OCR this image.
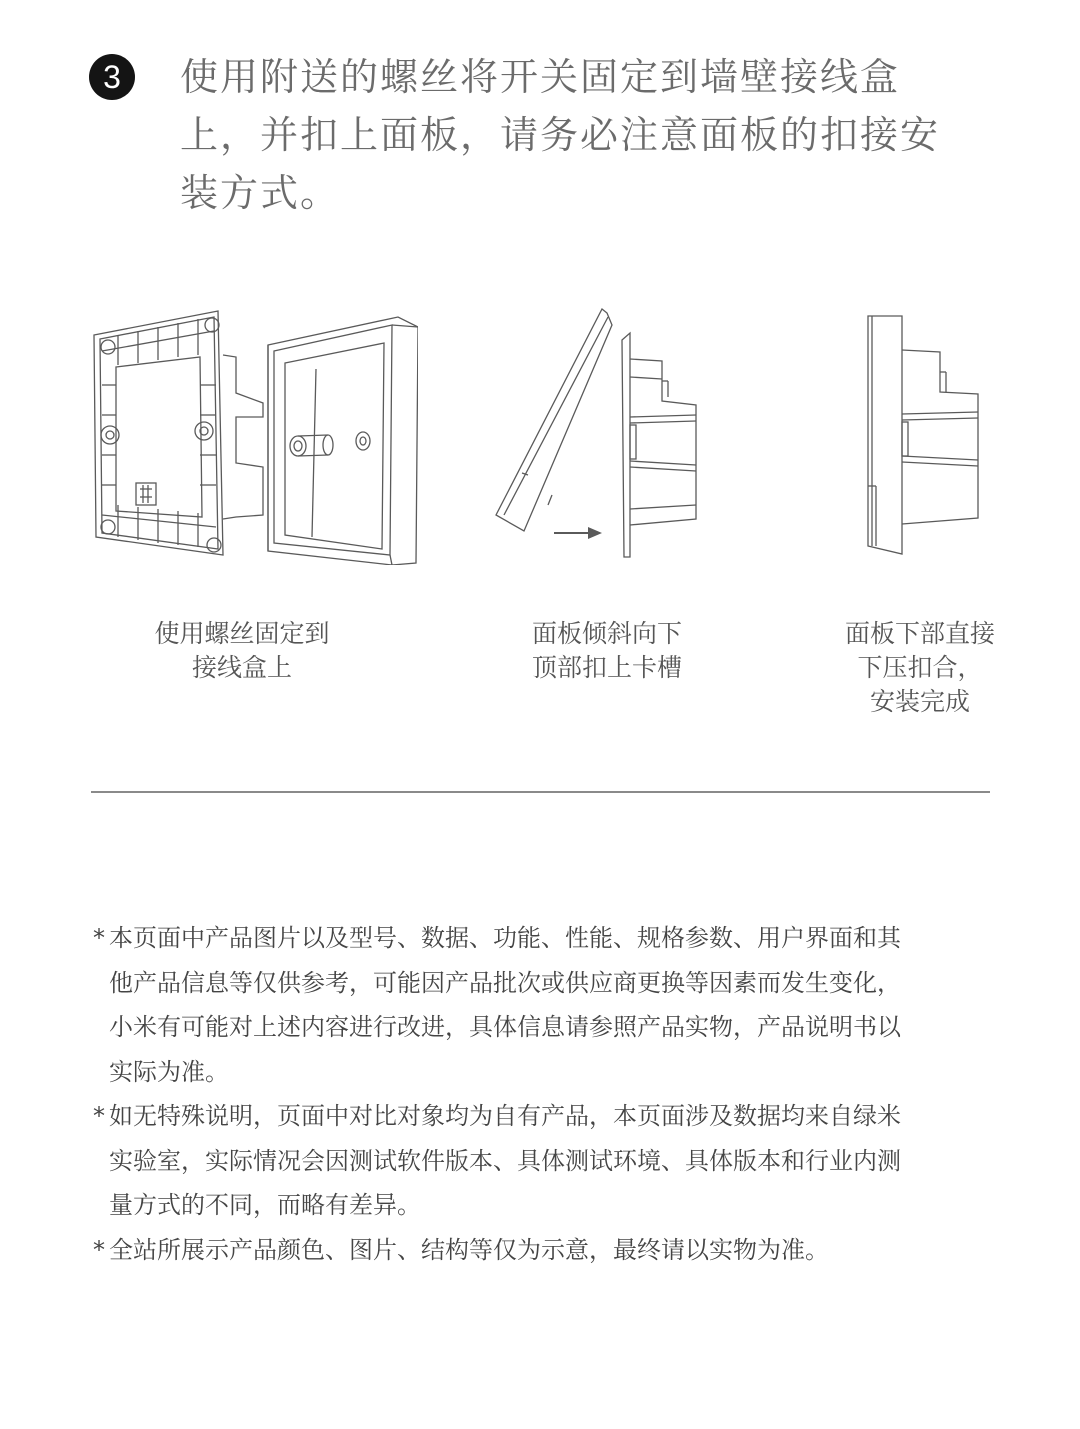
3	使用附送的螺丝将开关固定到墙壁接线盒
上，并扣上面板，请务必注意面板的扣接安
装方式。
使用螺丝固定到
接线盒上
面板倾斜向下
顶部扣上卡槽
面板下部直接
下压扣合，
安装完成
* 本页面中产品图片以及型号、数据、功能、性能、规格参数、用户界面和其
他产品信息等仅供参考，可能因产品批次或供应商更换等因素而发生变化，
小米有可能对上述内容进行改进，具体信息请参照产品实物，产品说明书以
实际为准。
* 如无特殊说明，页面中对比对象均为自有产品，本页面涉及数据均来自绿米
实验室，实际情况会因测试软件版本、具体测试环境、具体版本和行业内测
量方式的不同，而略有差异。
* 全站所展示产品颜色、图片、结构等仅为示意，最终请以实物为准。
